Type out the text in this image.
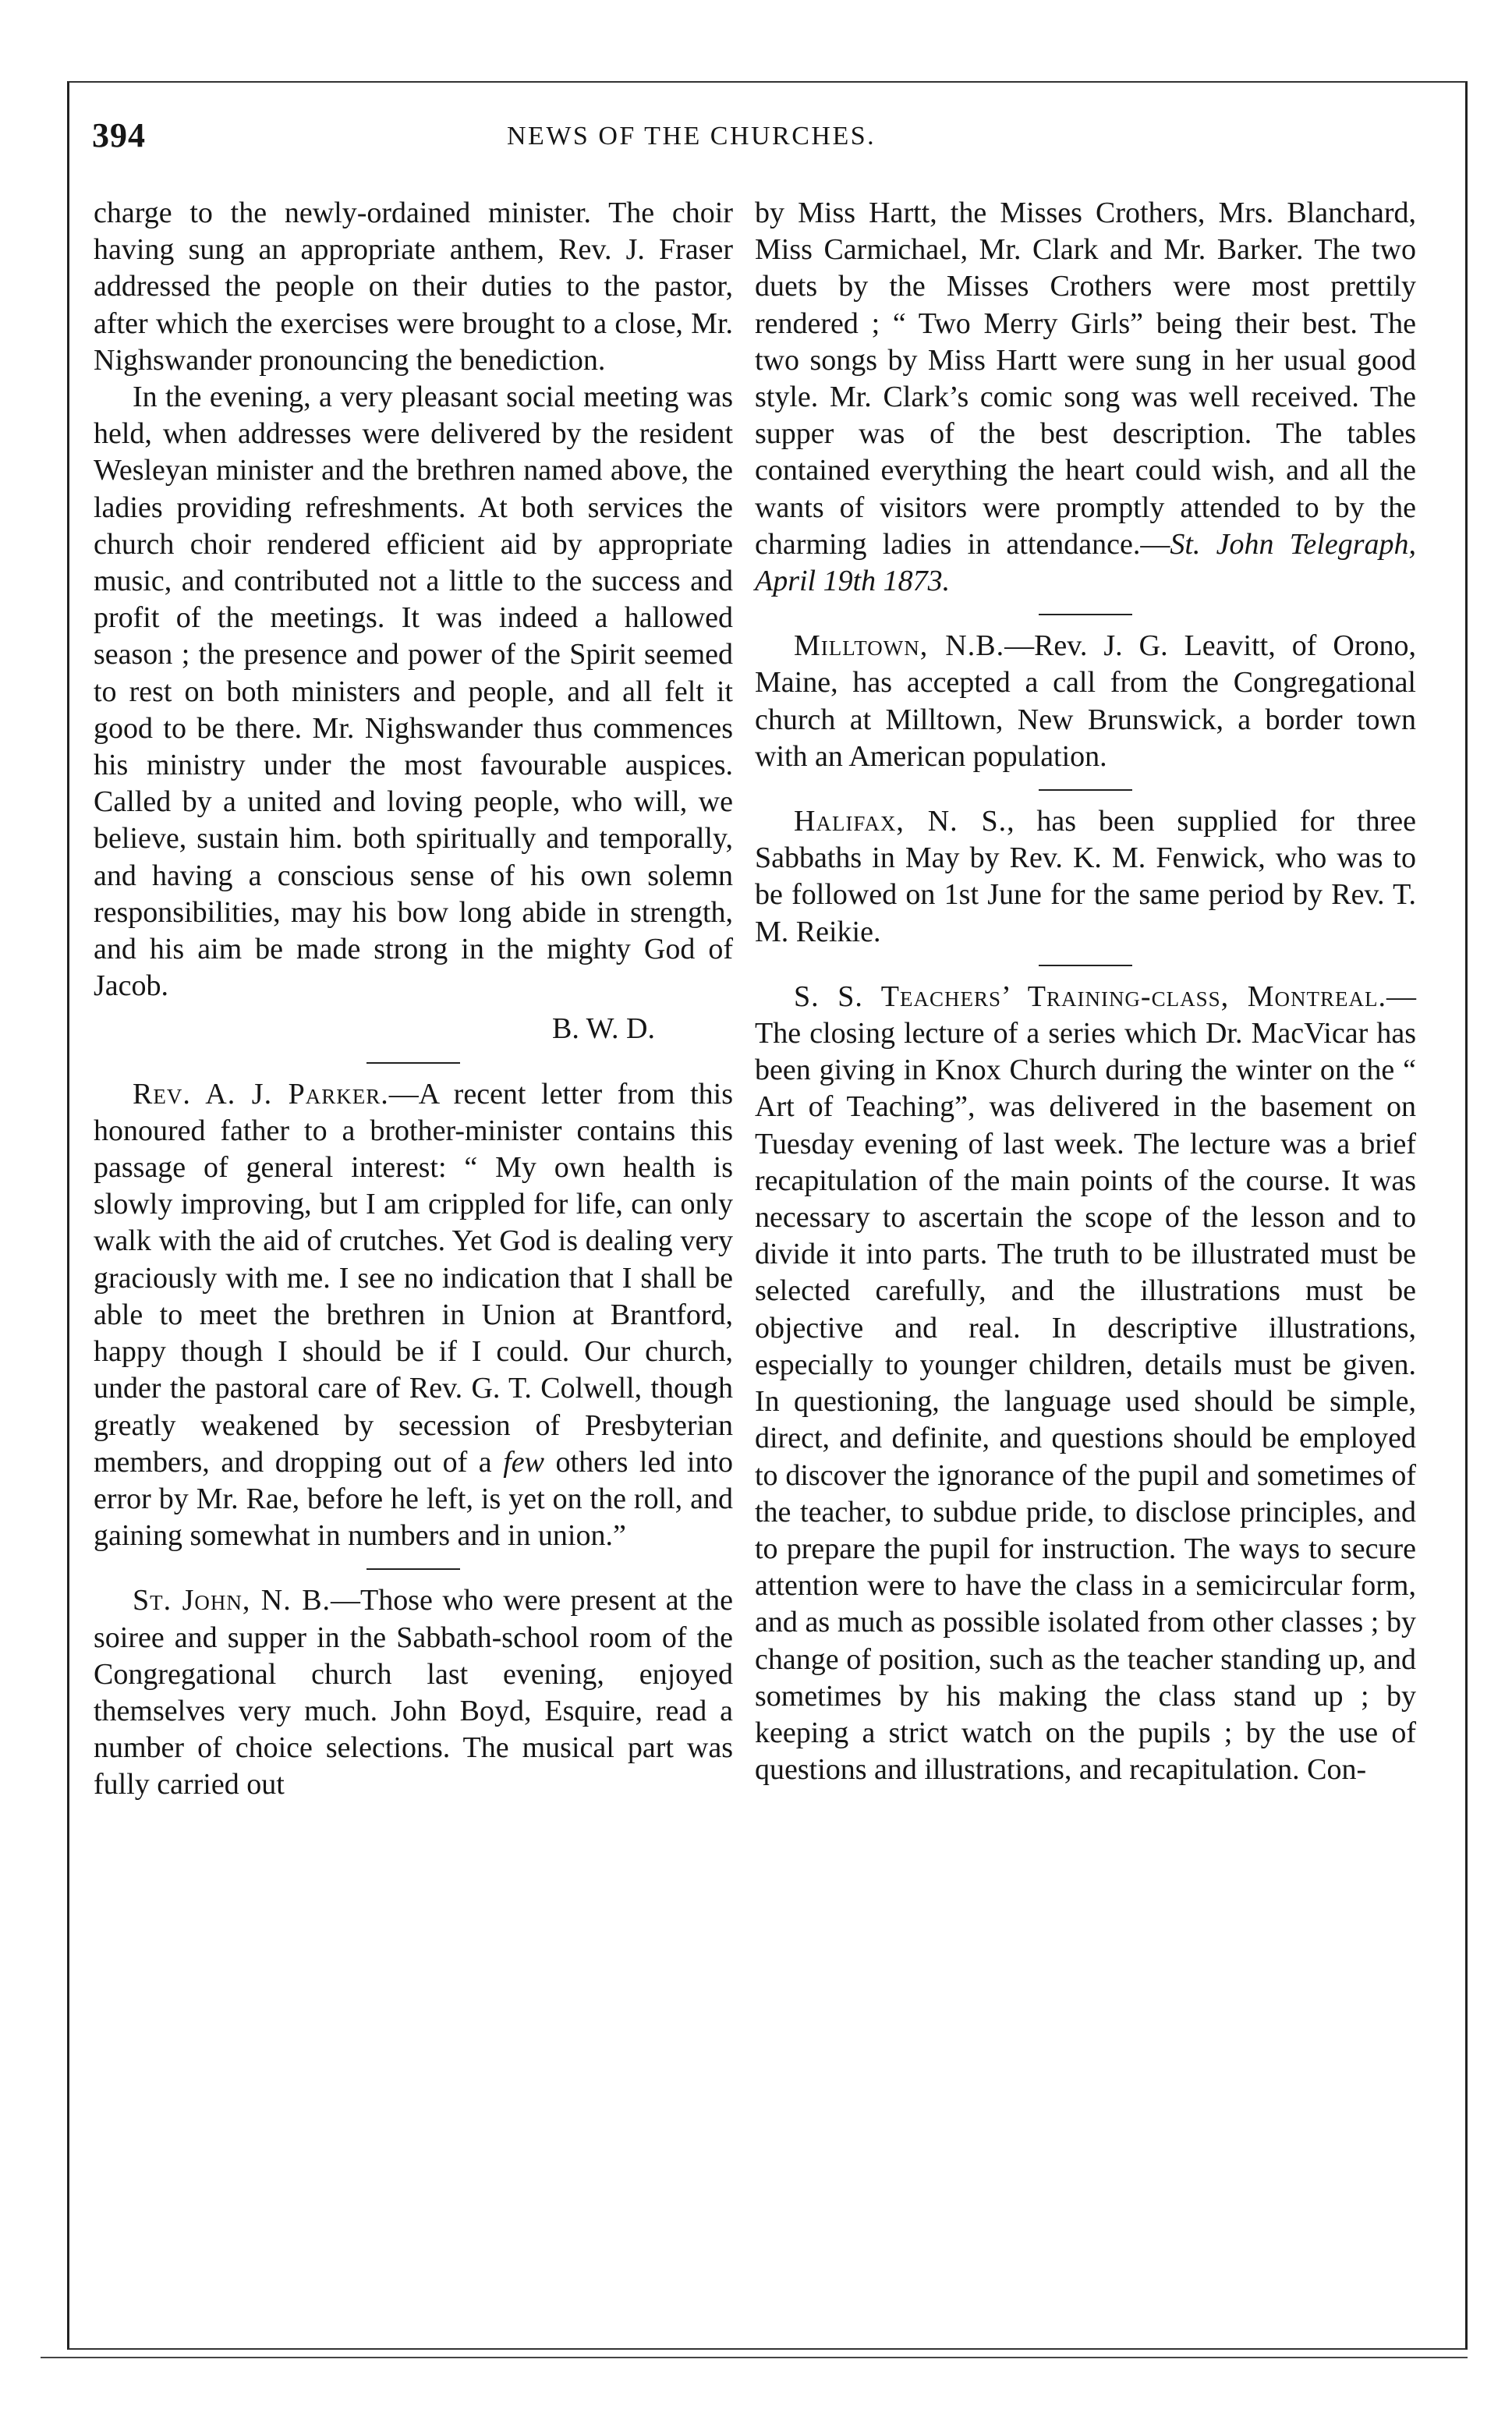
394	NEWS OF THE CHURCHES.

charge to the newly-ordained minister. The choir having sung an appropriate anthem, Rev. J. Fraser addressed the people on their duties to the pastor, after which the exercises were brought to a close, Mr. Nighswander pronouncing the benediction.

In the evening, a very pleasant social meeting was held, when addresses were delivered by the resident Wesleyan minister and the brethren named above, the ladies providing refreshments. At both services the church choir rendered efficient aid by appropriate music, and contributed not a little to the success and profit of the meetings. It was indeed a hallowed season ; the presence and power of the Spirit seemed to rest on both ministers and people, and all felt it good to be there. Mr. Nighswander thus commences his ministry under the most favourable auspices. Called by a united and loving people, who will, we believe, sustain him. both spiritually and temporally, and having a conscious sense of his own solemn responsibilities, may his bow long abide in strength, and his aim be made strong in the mighty God of Jacob.

B. W. D.

Rev. A. J. Parker.—A recent letter from this honoured father to a brother-minister contains this passage of general interest: “ My own health is slowly improving, but I am crippled for life, can only walk with the aid of crutches. Yet God is dealing very graciously with me. I see no indication that I shall be able to meet the brethren in Union at Brantford, happy though I should be if I could. Our church, under the pastoral care of Rev. G. T. Colwell, though greatly weakened by secession of Presbyterian members, and dropping out of a few others led into error by Mr. Rae, before he left, is yet on the roll, and gaining somewhat in numbers and in union.”

St. John, N. B.—Those who were present at the soiree and supper in the Sabbath-school room of the Congregational church last evening, enjoyed themselves very much. John Boyd, Esquire, read a number of choice selections. The musical part was fully carried out

by Miss Hartt, the Misses Crothers, Mrs. Blanchard, Miss Carmichael, Mr. Clark and Mr. Barker. The two duets by the Misses Crothers were most prettily rendered ; “ Two Merry Girls” being their best. The two songs by Miss Hartt were sung in her usual good style. Mr. Clark’s comic song was well received. The supper was of the best description. The tables contained everything the heart could wish, and all the wants of visitors were promptly attended to by the charming ladies in attendance.—St. John Telegraph, April 19th 1873.

Milltown, N.B.—Rev. J. G. Leavitt, of Orono, Maine, has accepted a call from the Congregational church at Milltown, New Brunswick, a border town with an American population.

Halifax, N. S., has been supplied for three Sabbaths in May by Rev. K. M. Fenwick, who was to be followed on 1st June for the same period by Rev. T. M. Reikie.

S. S. Teachers’ Training-class, Montreal.—The closing lecture of a series which Dr. MacVicar has been giving in Knox Church during the winter on the “ Art of Teaching”, was delivered in the basement on Tuesday evening of last week. The lecture was a brief recapitulation of the main points of the course. It was necessary to ascertain the scope of the lesson and to divide it into parts. The truth to be illustrated must be selected carefully, and the illustrations must be objective and real. In descriptive illustrations, especially to younger children, details must be given. In questioning, the language used should be simple, direct, and definite, and questions should be employed to discover the ignorance of the pupil and sometimes of the teacher, to subdue pride, to disclose principles, and to prepare the pupil for instruction. The ways to secure attention were to have the class in a semicircular form, and as much as possible isolated from other classes ; by change of position, such as the teacher standing up, and sometimes by his making the class stand up ; by keeping a strict watch on the pupils ; by the use of questions and illustrations, and recapitulation. Con-
